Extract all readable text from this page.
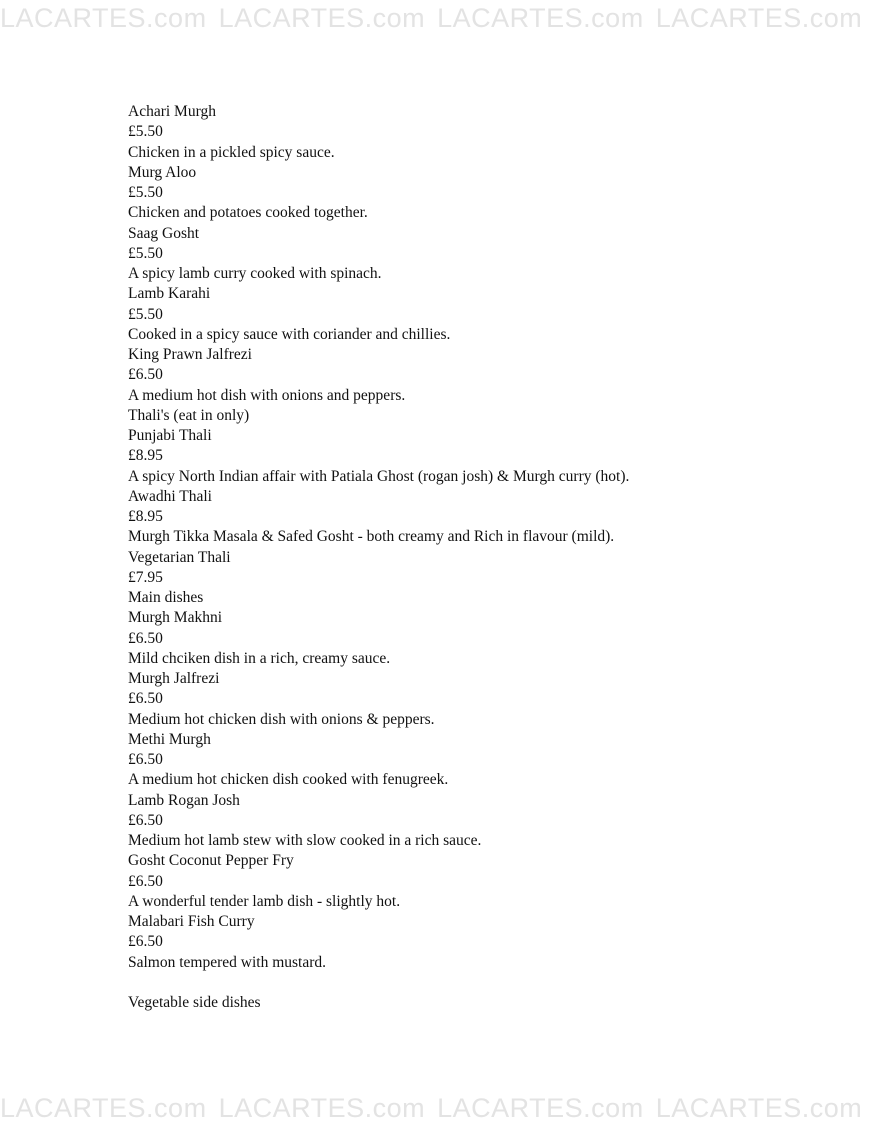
LACARTES.com LACARTES.com LACARTES.com LACARTES.com
Achari Murgh
£5.50
Chicken in a pickled spicy sauce.
Murg Aloo
£5.50
Chicken and potatoes cooked together.
Saag Gosht
£5.50
A spicy lamb curry cooked with spinach.
Lamb Karahi
£5.50
Cooked in a spicy sauce with coriander and chillies.
King Prawn Jalfrezi
£6.50
A medium hot dish with onions and peppers.
Thali's (eat in only)
Punjabi Thali
£8.95
A spicy North Indian affair with Patiala Ghost (rogan josh) & Murgh curry (hot).
Awadhi Thali
£8.95
Murgh Tikka Masala & Safed Gosht - both creamy and Rich in flavour (mild).
Vegetarian Thali
£7.95
Main dishes
Murgh Makhni
£6.50
Mild chciken dish in a rich, creamy sauce.
Murgh Jalfrezi
£6.50
Medium hot chicken dish with onions & peppers.
Methi Murgh
£6.50
A medium hot chicken dish cooked with fenugreek.
Lamb Rogan Josh
£6.50
Medium hot lamb stew with slow cooked in a rich sauce.
Gosht Coconut Pepper Fry
£6.50
A wonderful tender lamb dish - slightly hot.
Malabari Fish Curry
£6.50
Salmon tempered with mustard.
Vegetable side dishes
LACARTES.com LACARTES.com LACARTES.com LACARTES.com
